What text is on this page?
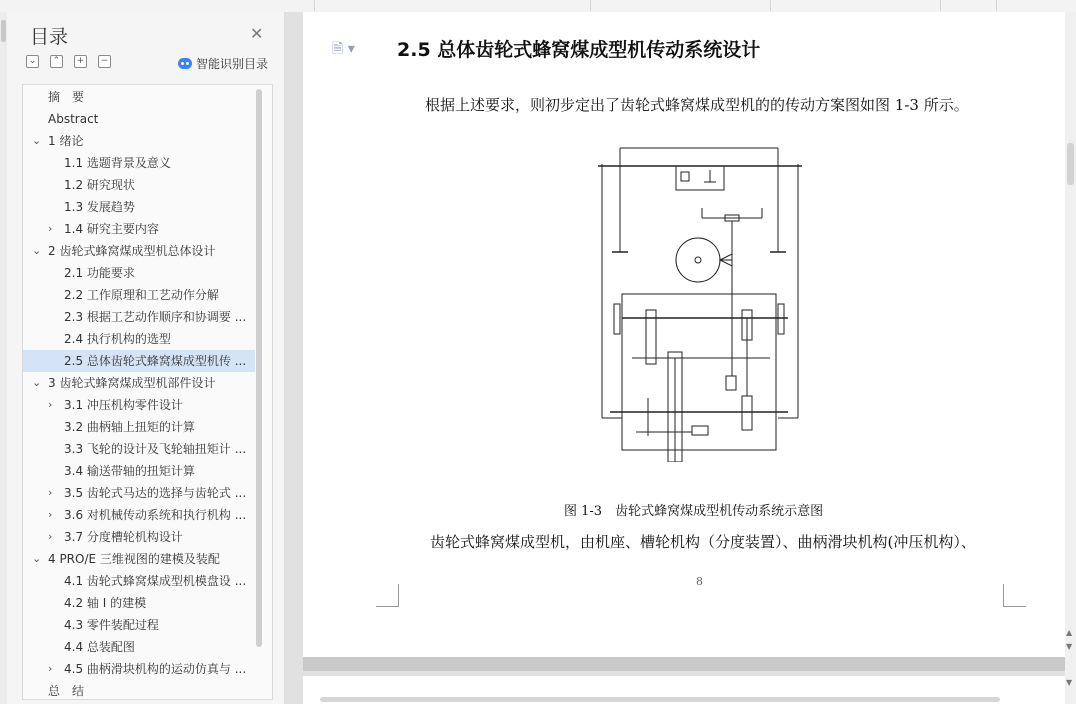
目录	✕
⌄	⌃	+	−	智能识别目录
摘　要
Abstract
⌄ 1 绪论
1.1 选题背景及意义
1.2 研究现状
1.3 发展趋势
› 1.4 研究主要内容
⌄ 2 齿轮式蜂窝煤成型机总体设计
2.1 功能要求
2.2 工作原理和工艺动作分解
2.3 根据工艺动作顺序和协调要 ...
2.4 执行机构的选型
2.5 总体齿轮式蜂窝煤成型机传 ...
⌄ 3 齿轮式蜂窝煤成型机部件设计
› 3.1 冲压机构零件设计
3.2 曲柄轴上扭矩的计算
3.3 飞轮的设计及飞轮轴扭矩计 ...
3.4 输送带轴的扭矩计算
› 3.5 齿轮式马达的选择与齿轮式 ...
› 3.6 对机械传动系统和执行机构 ...
› 3.7 分度槽轮机构设计
⌄ 4 PRO/E 三维视图的建模及装配
4.1 齿轮式蜂窝煤成型机模盘设 ...
4.2 轴 I 的建模
4.3 零件装配过程
4.4 总装配图
› 4.5 曲柄滑块机构的运动仿真与 ...
总　结
🗎 ▾ 2.5 总体齿轮式蜂窝煤成型机传动系统设计
根据上述要求，则初步定出了齿轮式蜂窝煤成型机的的传动方案图如图 1-3 所示。
图 1-3　齿轮式蜂窝煤成型机传动系统示意图
齿轮式蜂窝煤成型机，由机座、槽轮机构（分度装置）、曲柄滑块机构(冲压机构）、
8
▲
▼
▼
